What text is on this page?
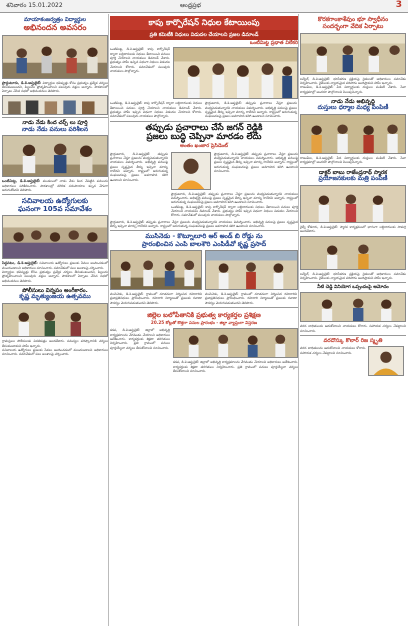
శనివారం 15.01.2022	ఆంధ్రప్రభ	3
మాయాకంజర్వత్రం విద్యార్థుల
అభినందన అవసరం
ప్రొద్దుటూరు, డి.కె.ఆప్తులైట్: విద్యార్థుల భవిష్యత్తు కోసం ప్రభుత్వం ప్రత్యేక చర్యలు తీసుకుంటుందని, పిల్లలను ప్రోత్సహించాలని పలువురు వక్తలు అన్నారు. పాఠశాలలో ఏర్పాటు చేసిన సభలో అభినందనలు తెలిపారు.
నాడు నేడు కింద చర్చ్ లు పూర్తి
నాడు నేడు పనులు పరిశీలన
ఒంటిమిట్ట, డి.కె.ఆప్తులైట్: మండలంలో నాడు నేడు కింద చేపట్టిన పనులను అధికారులు పరిశీలించారు. పాఠశాలల్లో మౌలిక సదుపాయాల కల్పన వేగంగా జరుగుతోందని తెలిపారు.
సచివాలయ ఉద్యోగులకు
ఘనంగా 105వ సమావేశం
సిద్ధవటం, డి.కె.ఆప్తులైట్: సచివాలయ ఉద్యోగులు ప్రజలకు సేవలు అందించడంలో ముందుండాలని అధికారులు సూచించారు. సమావేశంలో పలు అంశాలపై చర్చించారు.
విద్యార్థుల భవిష్యత్తు కోసం ప్రభుత్వం ప్రత్యేక చర్యలు తీసుకుంటుందని, పిల్లలను ప్రోత్సహించాలని పలువురు వక్తలు అన్నారు. పాఠశాలలో ఏర్పాటు చేసిన సభలో అభినందనలు తెలిపారు.
పోలీసులు విన్నపం అంగీకారం.
కృష్ణ మృత్యుంజయ ఉత్సవము
గ్రామస్తులు పోలీసులకు వినతిపత్రం అందజేశారు. సమస్యల పరిష్కారానికి చర్యలు తీసుకుంటామని హామీ ఇచ్చారు.
సచివాలయ ఉద్యోగులు ప్రజలకు సేవలు అందించడంలో ముందుండాలని అధికారులు సూచించారు. సమావేశంలో పలు అంశాలపై చర్చించారు.
కాపు కార్పొరేషన్ నిధుల కేటాయింపు
ప్రతి కమిటీకి నిధులు విడుదల చేయాలని ప్రజల డిమాండ్
ఒంటిమిట్ట ప్రభాత విలేకరి
ఒంటిమిట్ట, డి.కె.ఆప్తులైట్: కాపు కార్పొరేషన్ ద్వారా లబ్ధిదారులకు నిధులు కేటాయించి పనులు పూర్తి చేయాలని నాయకులు డిమాండ్ చేశారు. ప్రభుత్వం హామీ ఇచ్చిన విధంగా నిధులు విడుదల చేయాలని కోరారు. సమావేశంలో పలువురు నాయకులు పాల్గొన్నారు.
ఒంటిమిట్ట, డి.కె.ఆప్తులైట్: కాపు కార్పొరేషన్ ద్వారా లబ్ధిదారులకు నిధులు కేటాయించి పనులు పూర్తి చేయాలని నాయకులు డిమాండ్ చేశారు. ప్రభుత్వం హామీ ఇచ్చిన విధంగా నిధులు విడుదల చేయాలని కోరారు. సమావేశంలో పలువురు నాయకులు పాల్గొన్నారు.
ప్రొద్దుటూరు, డి.కె.ఆప్తులైట్: తప్పుడు ప్రచారాలు చేస్తూ ప్రజలను మభ్యపెడుతున్నారని నాయకులు విమర్శించారు. అభివృద్ధి పనులపై ప్రజలు స్పష్టమైన తీర్పు ఇచ్చినా మార్పు రాలేదని అన్నారు. రాష్ట్రంలో జరుగుతున్న సంఘటనలపై ప్రజలు అవగాహన కలిగి ఉండాలని సూచించారు.
తప్పుడు ప్రచారాలు చేసే జగన్ రెడ్డికి
ప్రజలు బుద్ధి చెప్పినా మారడం లేదు
అంతం ఖంజార ప్రెసిడెంట్
ప్రొద్దుటూరు, డి.కె.ఆప్తులైట్: తప్పుడు ప్రచారాలు చేస్తూ ప్రజలను మభ్యపెడుతున్నారని నాయకులు విమర్శించారు. అభివృద్ధి పనులపై ప్రజలు స్పష్టమైన తీర్పు ఇచ్చినా మార్పు రాలేదని అన్నారు. రాష్ట్రంలో జరుగుతున్న సంఘటనలపై ప్రజలు అవగాహన కలిగి ఉండాలని సూచించారు.
ప్రొద్దుటూరు, డి.కె.ఆప్తులైట్: తప్పుడు ప్రచారాలు చేస్తూ ప్రజలను మభ్యపెడుతున్నారని నాయకులు విమర్శించారు. అభివృద్ధి పనులపై ప్రజలు స్పష్టమైన తీర్పు ఇచ్చినా మార్పు రాలేదని అన్నారు. రాష్ట్రంలో జరుగుతున్న సంఘటనలపై ప్రజలు అవగాహన కలిగి ఉండాలని సూచించారు.
ప్రొద్దుటూరు, డి.కె.ఆప్తులైట్: తప్పుడు ప్రచారాలు చేస్తూ ప్రజలను మభ్యపెడుతున్నారని నాయకులు విమర్శించారు. అభివృద్ధి పనులపై ప్రజలు స్పష్టమైన తీర్పు ఇచ్చినా మార్పు రాలేదని అన్నారు. రాష్ట్రంలో జరుగుతున్న సంఘటనలపై ప్రజలు అవగాహన కలిగి ఉండాలని సూచించారు.
ఒంటిమిట్ట, డి.కె.ఆప్తులైట్: కాపు కార్పొరేషన్ ద్వారా లబ్ధిదారులకు నిధులు కేటాయించి పనులు పూర్తి చేయాలని నాయకులు డిమాండ్ చేశారు. ప్రభుత్వం హామీ ఇచ్చిన విధంగా నిధులు విడుదల చేయాలని కోరారు. సమావేశంలో పలువురు నాయకులు పాల్గొన్నారు.
ప్రొద్దుటూరు, డి.కె.ఆప్తులైట్: తప్పుడు ప్రచారాలు చేస్తూ ప్రజలను మభ్యపెడుతున్నారని నాయకులు విమర్శించారు. అభివృద్ధి పనులపై ప్రజలు స్పష్టమైన తీర్పు ఇచ్చినా మార్పు రాలేదని అన్నారు. రాష్ట్రంలో జరుగుతున్న సంఘటనలపై ప్రజలు అవగాహన కలిగి ఉండాలని సూచించారు.
ముసినెడు - కొట్నూలూరి ఆర్ అండ్ బి రోడ్డు ను
ప్రారంభించిన ఎంపి బాలశౌరి ఎంపిడీవో కృష్ణ ప్రసాద్
ముసినెడు, డి.కె.ఆప్తులైట్: గ్రామంలో నూతనంగా నిర్మించిన రహదారిని ప్రజాప్రతినిధులు ప్రారంభించారు. రహదారి నిర్మాణంతో ప్రజలకు రవాణా సౌకర్యం మెరుగుపడుతుందని తెలిపారు.
ముసినెడు, డి.కె.ఆప్తులైట్: గ్రామంలో నూతనంగా నిర్మించిన రహదారిని ప్రజాప్రతినిధులు ప్రారంభించారు. రహదారి నిర్మాణంతో ప్రజలకు రవాణా సౌకర్యం మెరుగుపడుతుందని తెలిపారు.
జిల్లెల బలోపేతానికి ప్రభుత్వ కార్యకర్తల ప్రశిక్షణ
20.25 కోట్లతో కొత్తగా పనుల ప్రారంభం - జిల్లా వ్యాప్తంగా విస్తరణ
కడప, డి.కె.ఆప్తులైట్: జిల్లాలో అభివృద్ధి కార్యక్రమాలను వేగవంతం చేయాలని అధికారులు ఆదేశించారు. కార్యకర్తలకు శిక్షణా తరగతులు నిర్వహించారు. ప్రతి గ్రామంలో పనులు పూర్తయ్యేలా చర్యలు తీసుకోవాలని సూచించారు.
కడప, డి.కె.ఆప్తులైట్: జిల్లాలో అభివృద్ధి కార్యక్రమాలను వేగవంతం చేయాలని అధికారులు ఆదేశించారు. కార్యకర్తలకు శిక్షణా తరగతులు నిర్వహించారు. ప్రతి గ్రామంలో పనులు పూర్తయ్యేలా చర్యలు తీసుకోవాలని సూచించారు.
కొరకగాంకాశేవుం భూ స్వాధీనం
సందర్భంగా వేదిక ఏర్పాటు
బద్వేల్, డి.కె.ఆప్తులైట్: భూసేకరణ ప్రక్రియపై రైతులతో అధికారులు సమావేశం నిర్వహించారు. రైతులకు న్యాయమైన పరిహారం అందిస్తామని హామీ ఇచ్చారు.
రాజంపేట, డి.కె.ఆప్తులైట్: పేద విద్యార్థులకు దుస్తులు పంపిణీ చేశారు. సేవా కార్యక్రమాల్లో అందరూ పాల్గొనాలని పిలుపునిచ్చారు.
నాడు నేడు అభివృద్ధి
దుస్తులు ధర్మాల మధ్య పంపిణీ
రాజంపేట, డి.కె.ఆప్తులైట్: పేద విద్యార్థులకు దుస్తులు పంపిణీ చేశారు. సేవా కార్యక్రమాల్లో అందరూ పాల్గొనాలని పిలుపునిచ్చారు.
డాక్టర్ బాబు రాజేంద్రనాథ్ స్మారక
ప్రయోజనకులకు మత్రి పంపిణీ
రైల్వే కోడూరు, డి.కె.ఆప్తులైట్: స్మారక కార్యక్రమంలో భాగంగా లబ్ధిదారులకు సామగ్రి అందజేశారు.
బద్వేల్, డి.కె.ఆప్తులైట్: భూసేకరణ ప్రక్రియపై రైతులతో అధికారులు సమావేశం నిర్వహించారు. రైతులకు న్యాయమైన పరిహారం అందిస్తామని హామీ ఇచ్చారు.
నీటి చెడ్డి వినియోగ ఒప్పందంపై ఆమోదం
వరద బాధితులను ఆదుకోవాలని నాయకులు కోరారు. సహాయక చర్యలు చేపట్టాలని సూచించారు.
వరదొస్కు కొలార్ రిజ స్మృతి
వరద బాధితులను ఆదుకోవాలని నాయకులు కోరారు. సహాయక చర్యలు చేపట్టాలని సూచించారు.
